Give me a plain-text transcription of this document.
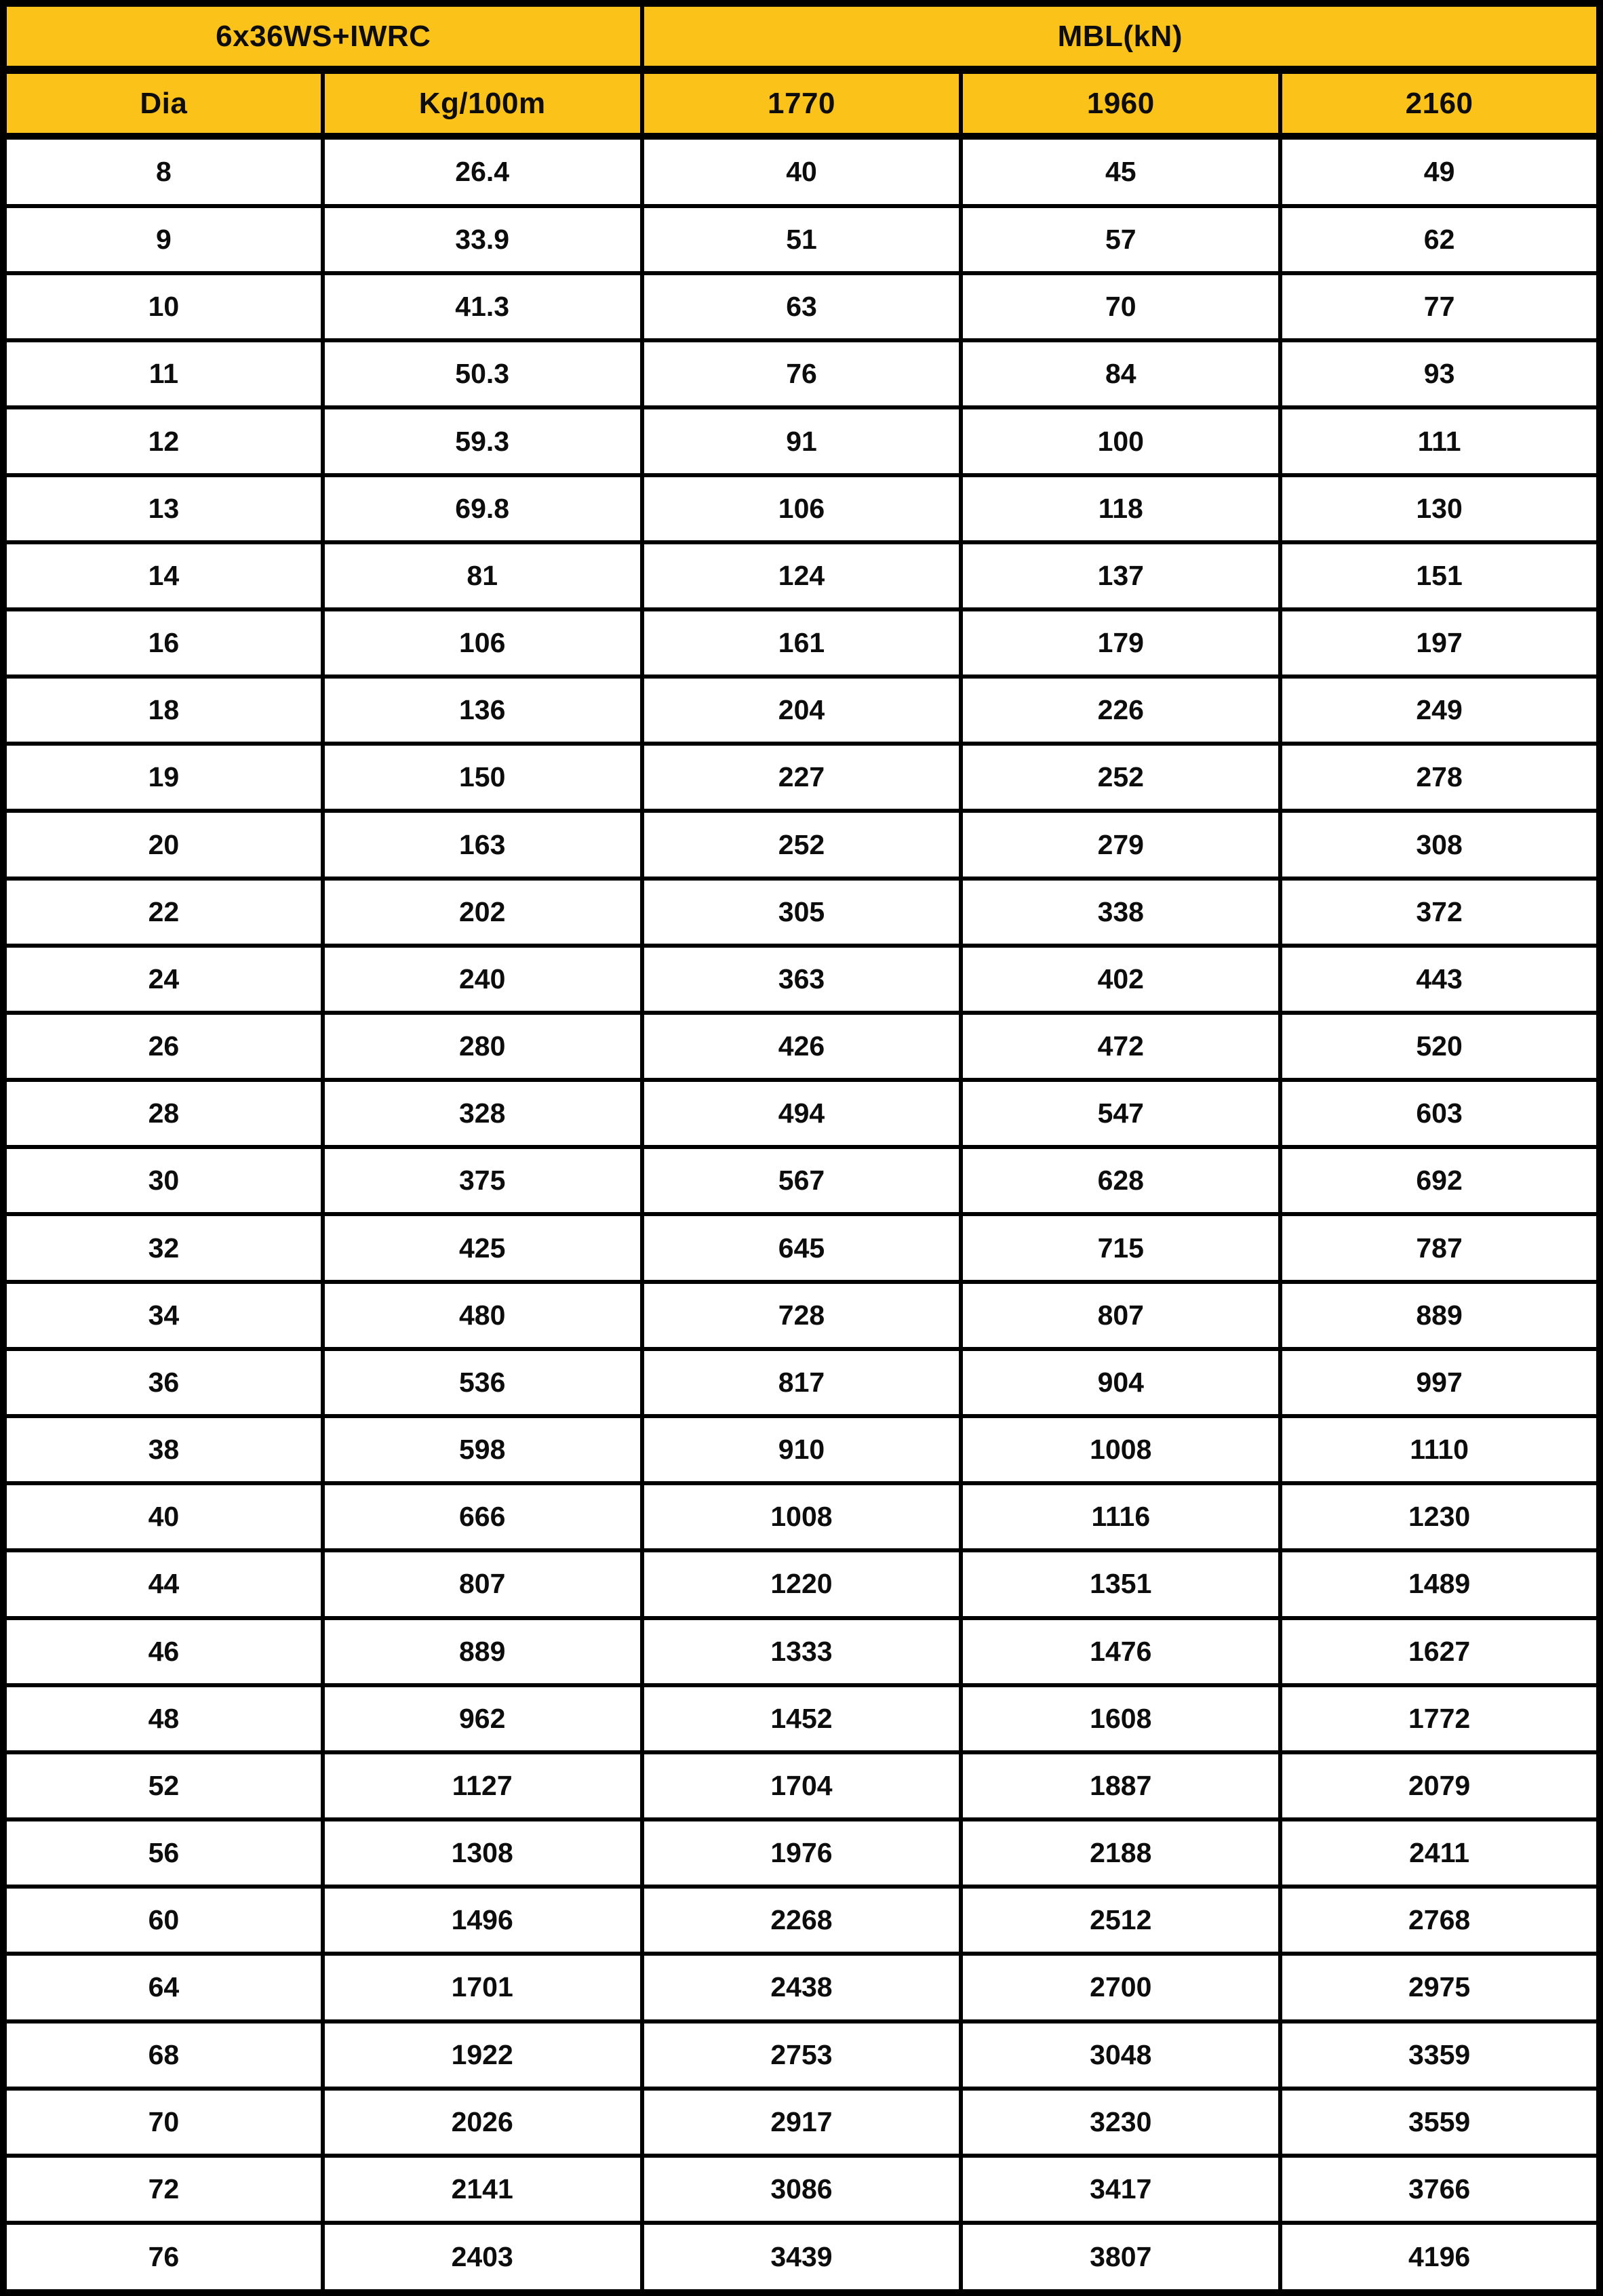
6x36WS+IWRC		MBL(kN)		
Dia	Kg/100m	1770	1960	2160
8	26.4	40	45	49
9	33.9	51	57	62
10	41.3	63	70	77
11	50.3	76	84	93
12	59.3	91	100	111
13	69.8	106	118	130
14	81	124	137	151
16	106	161	179	197
18	136	204	226	249
19	150	227	252	278
20	163	252	279	308
22	202	305	338	372
24	240	363	402	443
26	280	426	472	520
28	328	494	547	603
30	375	567	628	692
32	425	645	715	787
34	480	728	807	889
36	536	817	904	997
38	598	910	1008	1110
40	666	1008	1116	1230
44	807	1220	1351	1489
46	889	1333	1476	1627
48	962	1452	1608	1772
52	1127	1704	1887	2079
56	1308	1976	2188	2411
60	1496	2268	2512	2768
64	1701	2438	2700	2975
68	1922	2753	3048	3359
70	2026	2917	3230	3559
72	2141	3086	3417	3766
76	2403	3439	3807	4196
